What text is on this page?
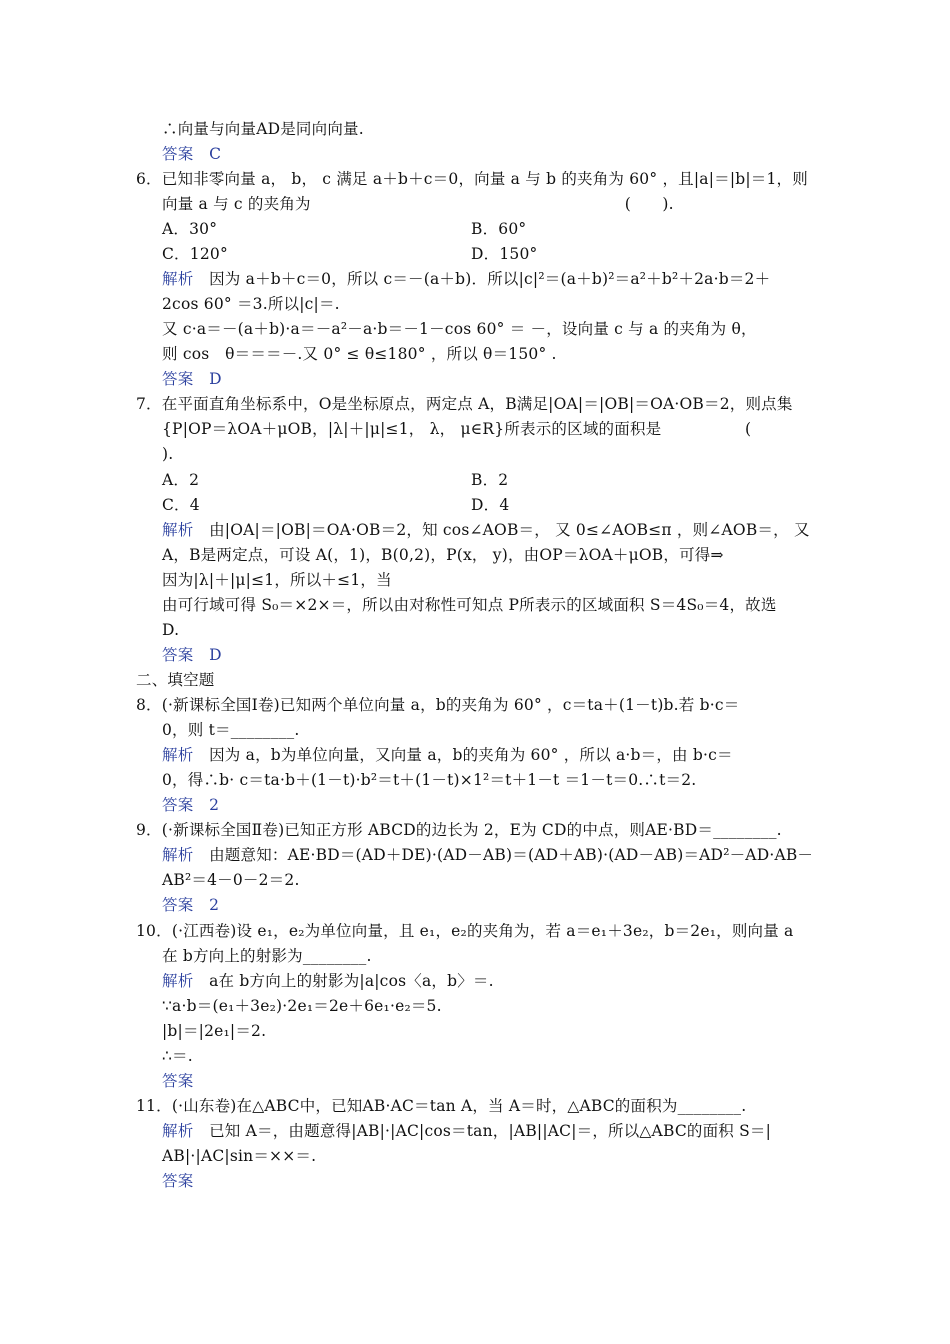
∴向量与向量AD是同向向量.
答案　C
6．已知非零向量 a， b， c 满足 a＋b＋c＝0，向量 a 与 b 的夹角为 60° ，且|a|＝|b|＝1，则
向量 a 与 c 的夹角为　　　　　　　　　　　　　　　　　　　　(　　).
A．30°	B．60°
C．120°	D．150°
解析　因为 a＋b＋c＝0，所以 c＝－(a＋b)．所以|c|²＝(a＋b)²＝a²＋b²＋2a·b＝2＋
2cos 60° ＝3.所以|c|＝.
又 c·a＝－(a＋b)·a＝－a²－a·b＝－1－cos 60° ＝ －，设向量 c 与 a 的夹角为 θ，
则 cos　θ＝＝＝－.又 0° ≤ θ≤180° ，所以 θ＝150° .
答案　D
7．在平面直角坐标系中，O是坐标原点，两定点 A，B满足|OA|＝|OB|＝OA·OB＝2，则点集
{P|OP＝λOA＋μOB，|λ|＋|μ|≤1， λ， μ∈R}所表示的区域的面积是　　　　　 (
).
A．2	B．2
C．4	D．4
解析　由|OA|＝|OB|＝OA·OB＝2，知 cos∠AOB＝， 又 0≤∠AOB≤π ，则∠AOB＝， 又
A，B是两定点，可设 A(，1)，B(0,2)，P(x， y)，由OP＝λOA＋μOB，可得⇒
因为|λ|＋|μ|≤1，所以＋≤1，当
由可行域可得 S₀＝×2×＝，所以由对称性可知点 P所表示的区域面积 S＝4S₀＝4，故选
D.
答案　D
二、填空题
8．(·新课标全国Ⅰ卷)已知两个单位向量 a，b的夹角为 60° ，c＝ta＋(1－t)b.若 b·c＝
0，则 t＝________.
解析　因为 a，b为单位向量，又向量 a，b的夹角为 60° ，所以 a·b＝，由 b·c＝
0，得∴b· c＝ta·b＋(1－t)·b²＝t＋(1－t)×1²＝t＋1－t ＝1－t＝0.∴t＝2.
答案　2
9．(·新课标全国Ⅱ卷)已知正方形 ABCD的边长为 2，E为 CD的中点，则AE·BD＝________.
解析　由题意知：AE·BD＝(AD＋DE)·(AD－AB)＝(AD＋AB)·(AD－AB)＝AD²－AD·AB－
AB²＝4－0－2＝2.
答案　2
10．(·江西卷)设 e₁，e₂为单位向量，且 e₁，e₂的夹角为，若 a＝e₁＋3e₂，b＝2e₁，则向量 a
在 b方向上的射影为________.
解析　a在 b方向上的射影为|a|cos〈a，b〉＝.
∵a·b＝(e₁＋3e₂)·2e₁＝2e＋6e₁·e₂＝5.
|b|＝|2e₁|＝2.
∴＝.
答案
11．(·山东卷)在△ABC中，已知AB·AC＝tan A，当 A＝时，△ABC的面积为________.
解析　已知 A＝，由题意得|AB|·|AC|cos＝tan，|AB||AC|＝，所以△ABC的面积 S＝|
AB|·|AC|sin＝××＝.
答案
